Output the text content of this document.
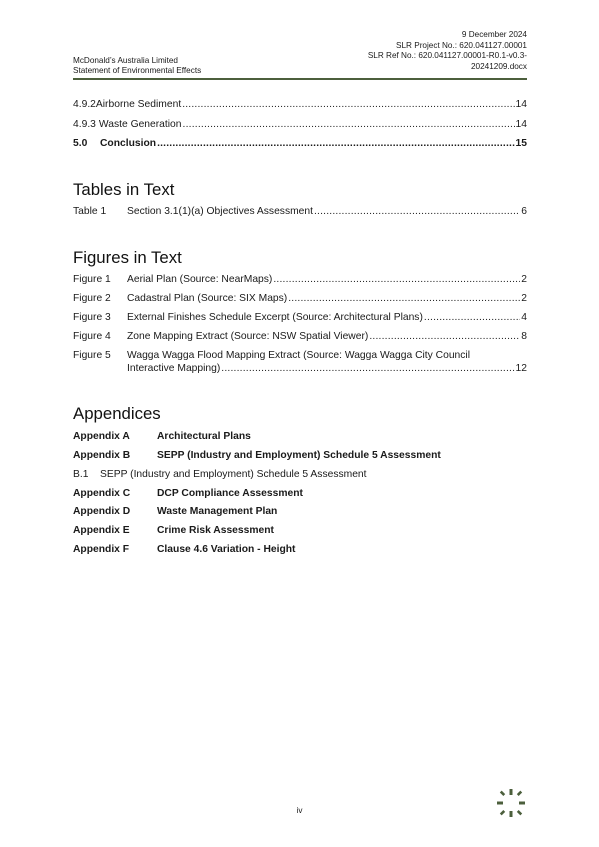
McDonald’s Australia Limited
Statement of Environmental Effects
9 December 2024
SLR Project No.: 620.041127.00001
SLR Ref No.: 620.041127.00001-R0.1-v0.3-
20241209.docx
4.9.2 Airborne Sediment .....	14
4.9.3 Waste Generation .....	14
5.0	Conclusion .....	15
Tables in Text
Table 1 Section 3.1(1)(a) Objectives Assessment .....	6
Figures in Text
Figure 1 Aerial Plan (Source: NearMaps) .....	2
Figure 2 Cadastral Plan (Source: SIX Maps) .....	2
Figure 3 External Finishes Schedule Excerpt (Source: Architectural Plans) .....	4
Figure 4 Zone Mapping Extract (Source: NSW Spatial Viewer) .....	8
Figure 5 Wagga Wagga Flood Mapping Extract (Source: Wagga Wagga City Council
Interactive Mapping) .....	12
Appendices
Appendix A	Architectural Plans
Appendix B	SEPP (Industry and Employment) Schedule 5 Assessment
B.1 SEPP (Industry and Employment) Schedule 5 Assessment
Appendix C	DCP Compliance Assessment
Appendix D	Waste Management Plan
Appendix E	Crime Risk Assessment
Appendix F	Clause 4.6 Variation - Height
iv
